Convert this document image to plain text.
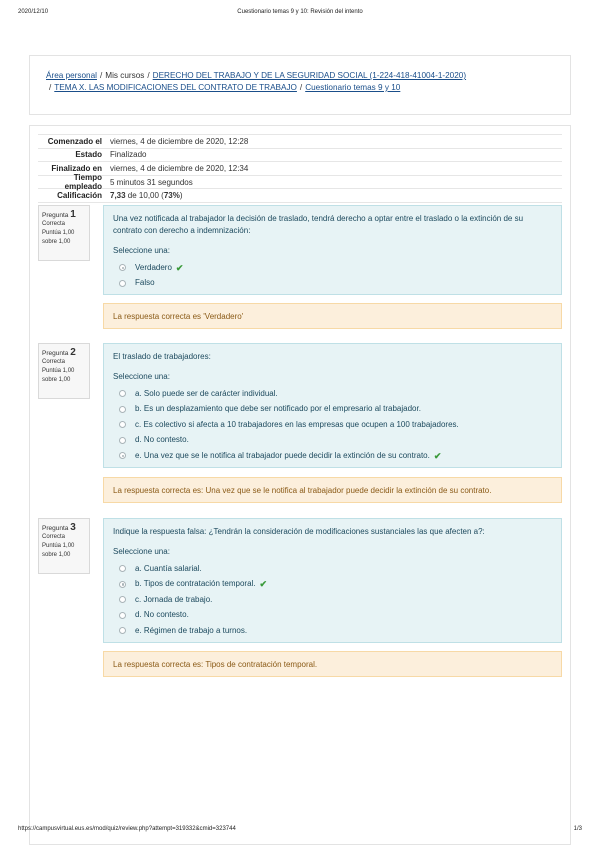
2020/12/10	Cuestionario temas 9 y 10: Revisión del intento
Área personal / Mis cursos / DERECHO DEL TRABAJO Y DE LA SEGURIDAD SOCIAL (1-224-418-41004-1-2020)
/ TEMA X. LAS MODIFICACIONES DEL CONTRATO DE TRABAJO / Cuestionario temas 9 y 10
Comenzado el	viernes, 4 de diciembre de 2020, 12:28
Estado	Finalizado
Finalizado en	viernes, 4 de diciembre de 2020, 12:34
Tiempo empleado	5 minutos 31 segundos
Calificación	7,33 de 10,00 (73%)
Pregunta 1
Correcta
Puntúa 1,00 sobre 1,00
Una vez notificada al trabajador la decisión de traslado, tendrá derecho a optar entre el traslado o la extinción de su contrato con derecho a indemnización:
Seleccione una:
Verdadero ✔
Falso
La respuesta correcta es 'Verdadero'
Pregunta 2
Correcta
Puntúa 1,00 sobre 1,00
El traslado de trabajadores:
Seleccione una:
a. Solo puede ser de carácter individual.
b. Es un desplazamiento que debe ser notificado por el empresario al trabajador.
c. Es colectivo si afecta a 10 trabajadores en las empresas que ocupen a 100 trabajadores.
d. No contesto.
e. Una vez que se le notifica al trabajador puede decidir la extinción de su contrato. ✔
La respuesta correcta es: Una vez que se le notifica al trabajador puede decidir la extinción de su contrato.
Pregunta 3
Correcta
Puntúa 1,00 sobre 1,00
Indique la respuesta falsa: ¿Tendrán la consideración de modificaciones sustanciales las que afecten a?:
Seleccione una:
a. Cuantía salarial.
b. Tipos de contratación temporal. ✔
c. Jornada de trabajo.
d. No contesto.
e. Régimen de trabajo a turnos.
La respuesta correcta es: Tipos de contratación temporal.
https://campusvirtual.eus.es/mod/quiz/review.php?attempt=319332&cmid=323744	1/3
